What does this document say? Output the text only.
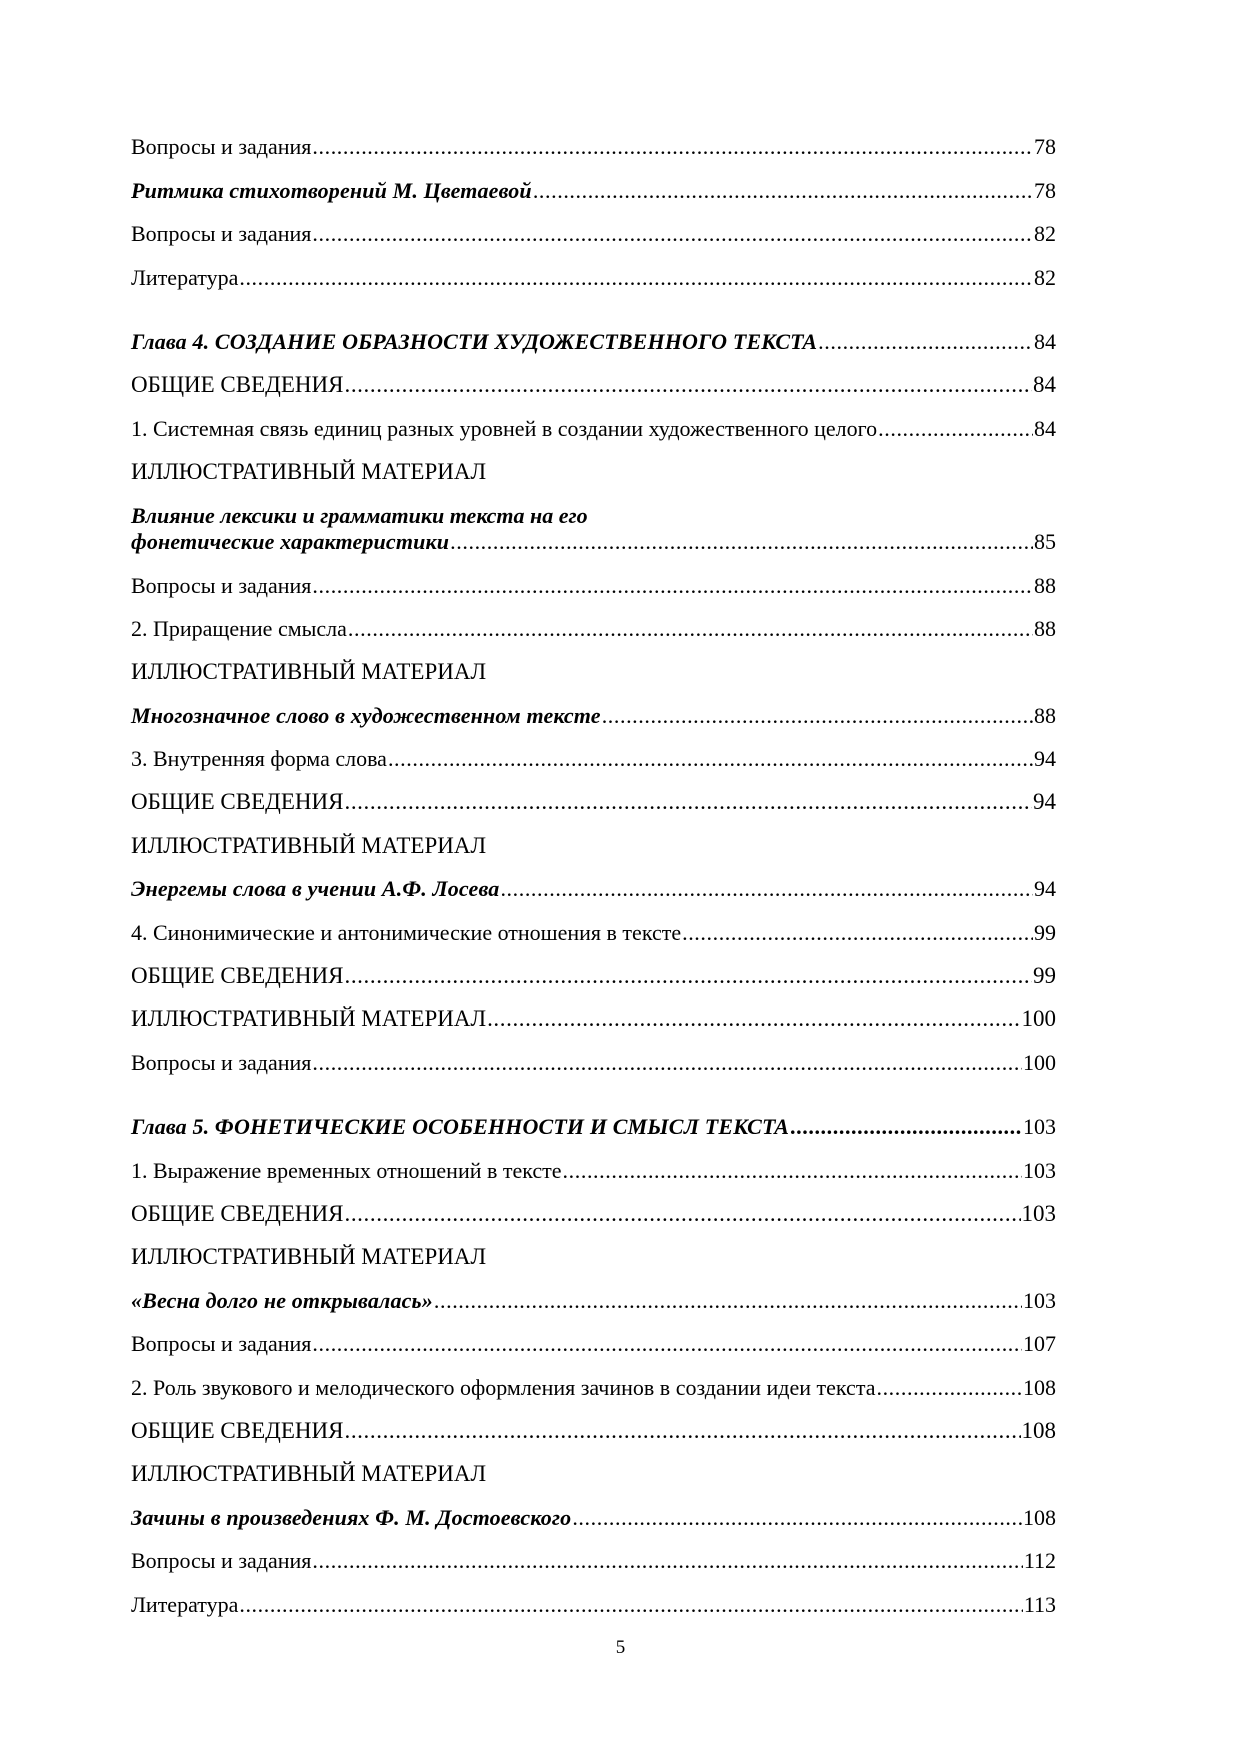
Вопросы и задания .....	78
Ритмика стихотворений М. Цветаевой .....	78
Вопросы и задания .....	82
Литература .....	82
Глава 4. СОЗДАНИЕ ОБРАЗНОСТИ ХУДОЖЕСТВЕННОГО ТЕКСТА .....	84
ОБЩИЕ СВЕДЕНИЯ .....	84
1. Системная связь единиц разных уровней в создании художественного целого .....	84
ИЛЛЮСТРАТИВНЫЙ МАТЕРИАЛ
Влияние лексики и грамматики текста на его
фонетические характеристики .....	85
Вопросы и задания .....	88
2. Приращение смысла .....	88
ИЛЛЮСТРАТИВНЫЙ МАТЕРИАЛ
Многозначное слово в художественном тексте .....	88
3. Внутренняя форма слова .....	94
ОБЩИЕ СВЕДЕНИЯ .....	94
ИЛЛЮСТРАТИВНЫЙ МАТЕРИАЛ
Энергемы слова в учении А.Ф. Лосева .....	94
4. Синонимические и антонимические отношения в тексте .....	99
ОБЩИЕ СВЕДЕНИЯ .....	99
ИЛЛЮСТРАТИВНЫЙ МАТЕРИАЛ .....	100
Вопросы и задания .....	100
Глава 5. ФОНЕТИЧЕСКИЕ ОСОБЕННОСТИ И СМЫСЛ ТЕКСТА .....	103
1. Выражение временных отношений в тексте .....	103
ОБЩИЕ СВЕДЕНИЯ .....	103
ИЛЛЮСТРАТИВНЫЙ МАТЕРИАЛ
«Весна долго не открывалась» .....	103
Вопросы и задания .....	107
2. Роль звукового и мелодического оформления зачинов в создании идеи текста .....	108
ОБЩИЕ СВЕДЕНИЯ .....	108
ИЛЛЮСТРАТИВНЫЙ МАТЕРИАЛ
Зачины в произведениях Ф. М. Достоевского .....	108
Вопросы и задания .....	112
Литература .....	113
5
